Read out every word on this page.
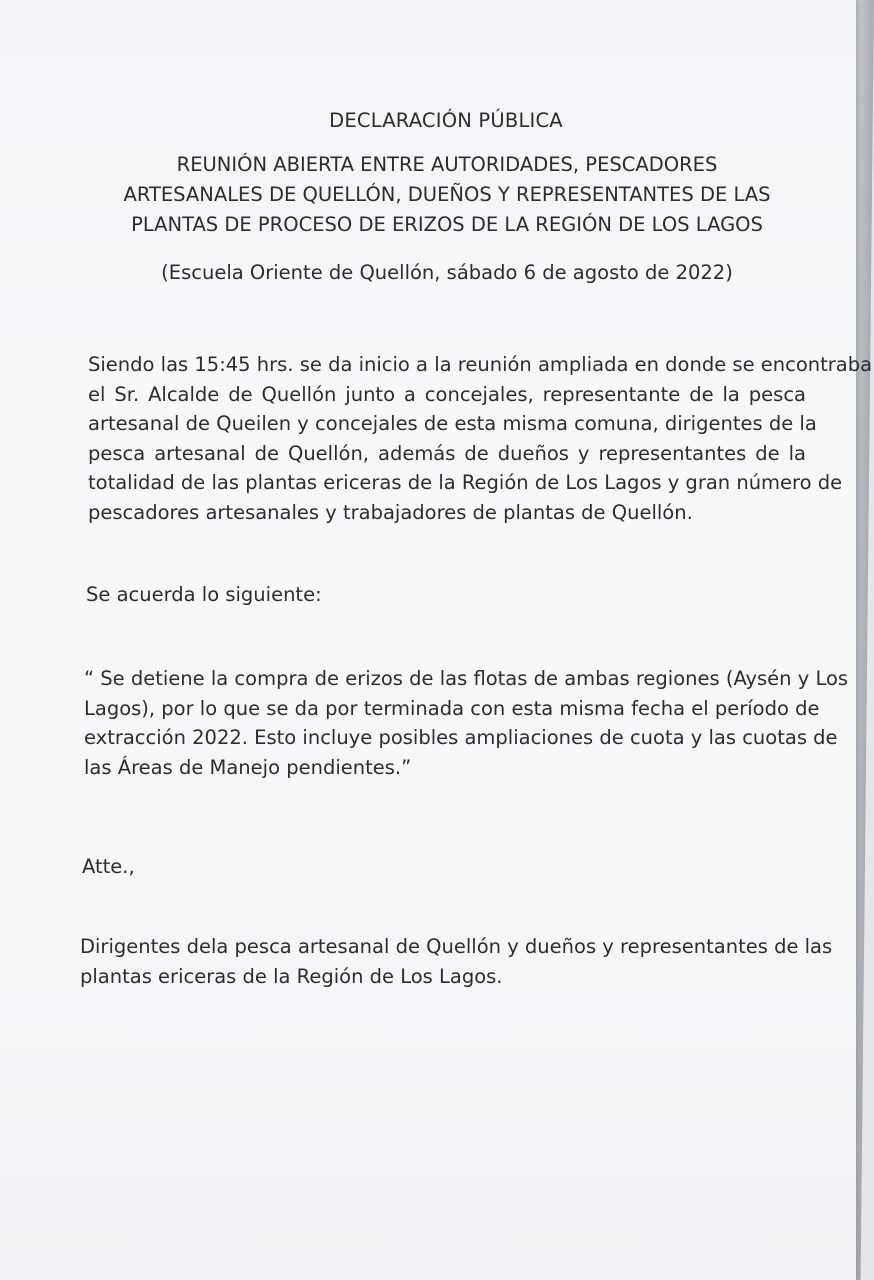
DECLARACIÓN PÚBLICA
REUNIÓN ABIERTA ENTRE AUTORIDADES, PESCADORES
ARTESANALES DE QUELLÓN, DUEÑOS Y REPRESENTANTES DE LAS
PLANTAS DE PROCESO DE ERIZOS DE LA REGIÓN DE LOS LAGOS
(Escuela Oriente de Quellón, sábado 6 de agosto de 2022)
Siendo las 15:45 hrs. se da inicio a la reunión ampliada en donde se encontraba
el Sr. Alcalde de Quellón junto a concejales, representante de la pesca
artesanal de Queilen y concejales de esta misma comuna, dirigentes de la
pesca artesanal de Quellón, además de dueños y representantes de la
totalidad de las plantas ericeras de la Región de Los Lagos y gran número de
pescadores artesanales y trabajadores de plantas de Quellón.
Se acuerda lo siguiente:
“ Se detiene la compra de erizos de las flotas de ambas regiones (Aysén y Los
Lagos), por lo que se da por terminada con esta misma fecha el período de
extracción 2022. Esto incluye posibles ampliaciones de cuota y las cuotas de
las Áreas de Manejo pendientes.”
Atte.,
Dirigentes dela pesca artesanal de Quellón y dueños y representantes de las
plantas ericeras de la Región de Los Lagos.
